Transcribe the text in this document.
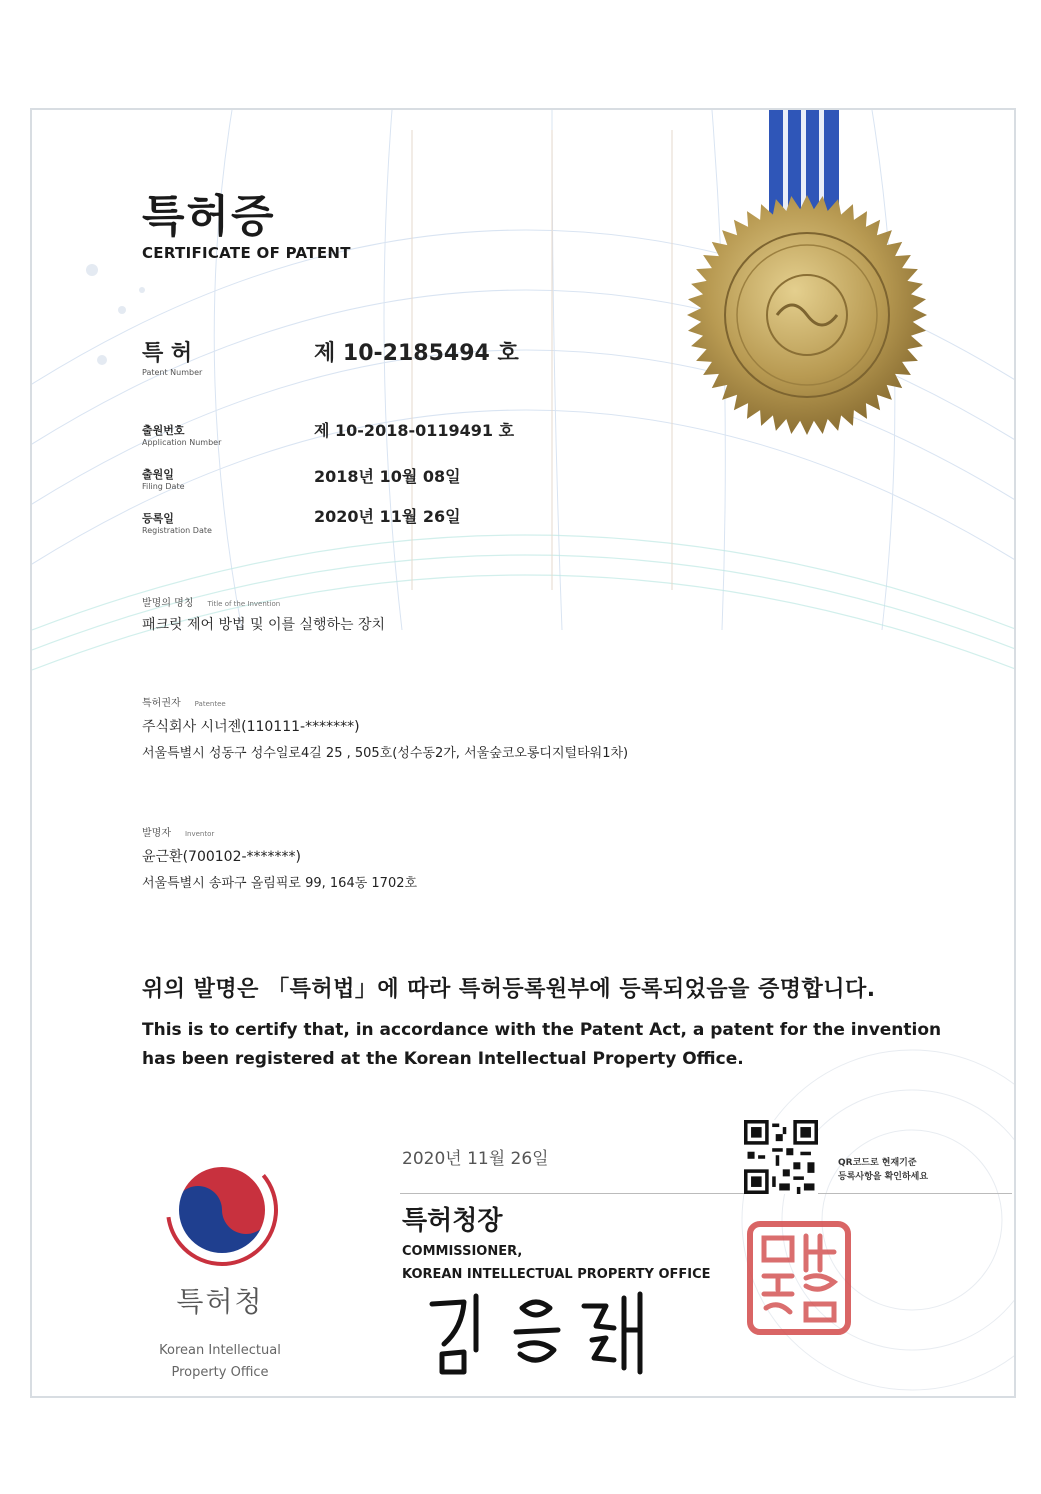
특허증
CERTIFICATE OF PATENT
특 허
Patent Number
제 10-2185494 호
출원번호
Application Number
제 10-2018-0119491 호
출원일
Filing Date
2018년 10월 08일
등록일
Registration Date
2020년 11월 26일
발명의 명칭 Title of the Invention
패크릿 제어 방법 및 이를 실행하는 장치
특허권자 Patentee
주식회사 시너젠(110111-*******)
서울특별시 성동구 성수일로4길 25 , 505호(성수동2가, 서울숲코오롱디지털타워1차)
발명자 Inventor
윤근환(700102-*******)
서울특별시 송파구 올림픽로 99, 164동 1702호
위의 발명은 「특허법」에 따라 특허등록원부에 등록되었음을 증명합니다.
This is to certify that, in accordance with the Patent Act, a patent for the invention has been registered at the Korean Intellectual Property Office.
특허청
Korean Intellectual
Property Office
2020년 11월 26일
특허청장
COMMISSIONER,
KOREAN INTELLECTUAL PROPERTY OFFICE
QR코드로 현재기준
등록사항을 확인하세요
